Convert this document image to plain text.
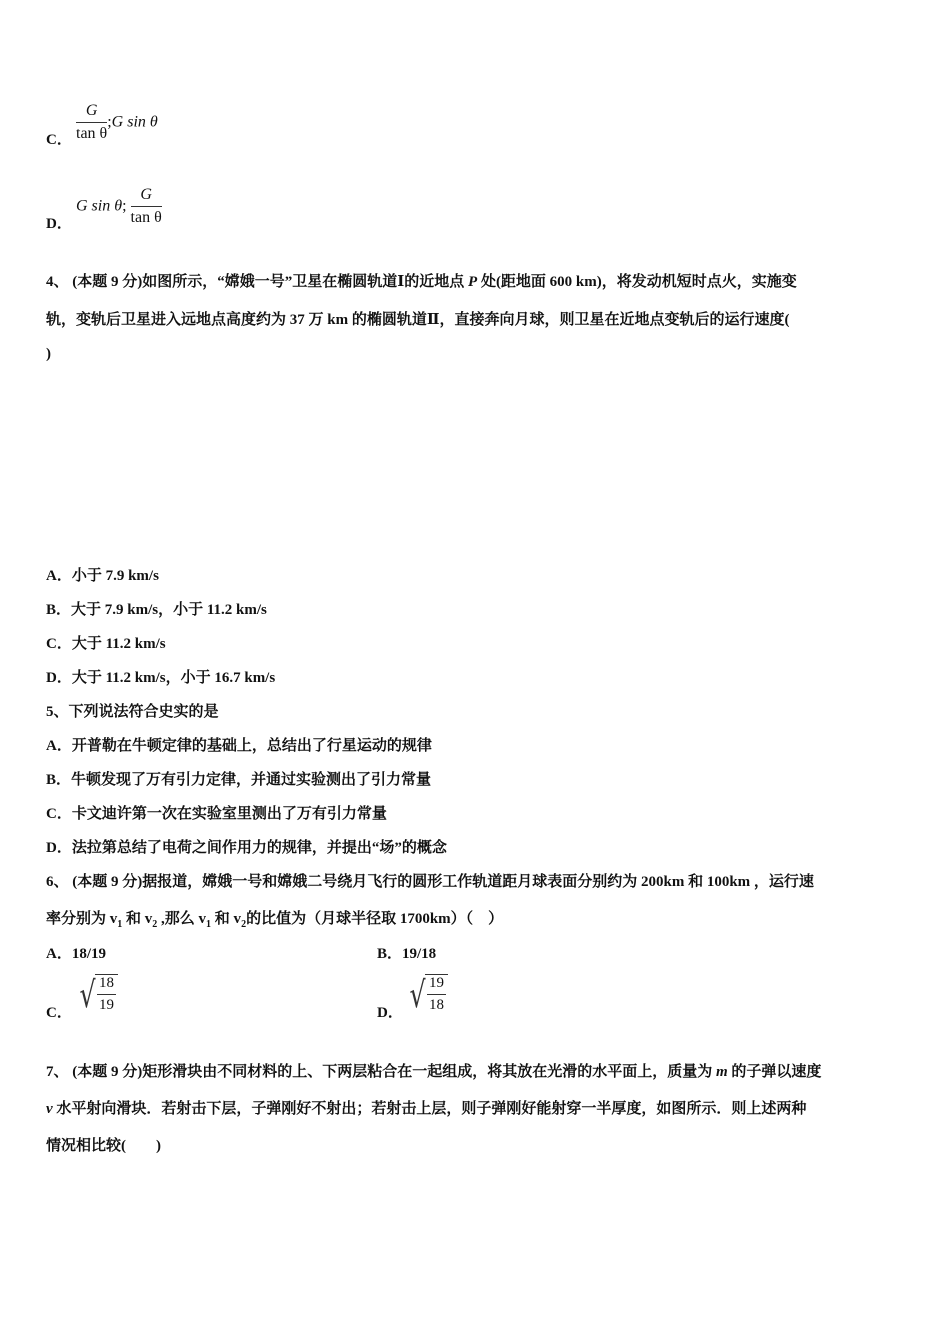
C． $\frac{G}{\text{tan θ}}$ ;G sin θ
D．
G sin θ; $\frac{G}{\text{tan θ}}$
4、 (本题 9 分)如图所示，“嫦娥一号”卫星在椭圆轨道Ⅰ的近地点 P 处(距地面 600 km)，将发动机短时点火，实施变
轨，变轨后卫星进入远地点高度约为 37 万 km 的椭圆轨道Ⅱ，直接奔向月球，则卫星在近地点变轨后的运行速度(
)
A．小于 7.9 km/s
B．大于 7.9 km/s，小于 11.2 km/s
C．大于 11.2 km/s
D．大于 11.2 km/s，小于 16.7 km/s
5、下列说法符合史实的是
A．开普勒在牛顿定律的基础上，总结出了行星运动的规律
B．牛顿发现了万有引力定律，并通过实验测出了引力常量
C．卡文迪许第一次在实验室里测出了万有引力常量
D．法拉第总结了电荷之间作用力的规律，并提出“场”的概念
6、 (本题 9 分)据报道，嫦娥一号和嫦娥二号绕月飞行的圆形工作轨道距月球表面分别约为 200km 和 100km ，运行速
率分别为 $v_1$ 和 $v_2$ ,那么 $v_1$ 和 $v_2$的比值为（月球半径取 1700km）（　）
A．18/19	B．19/18
C． √ $\frac{18}{19}$	D． √ $\frac{19}{18}$
7、 (本题 9 分)矩形滑块由不同材料的上、下两层粘合在一起组成，将其放在光滑的水平面上，质量为 m 的子弹以速度
v 水平射向滑块．若射击下层，子弹刚好不射出；若射击上层，则子弹刚好能射穿一半厚度，如图所示．则上述两种
情况相比较(　　)
